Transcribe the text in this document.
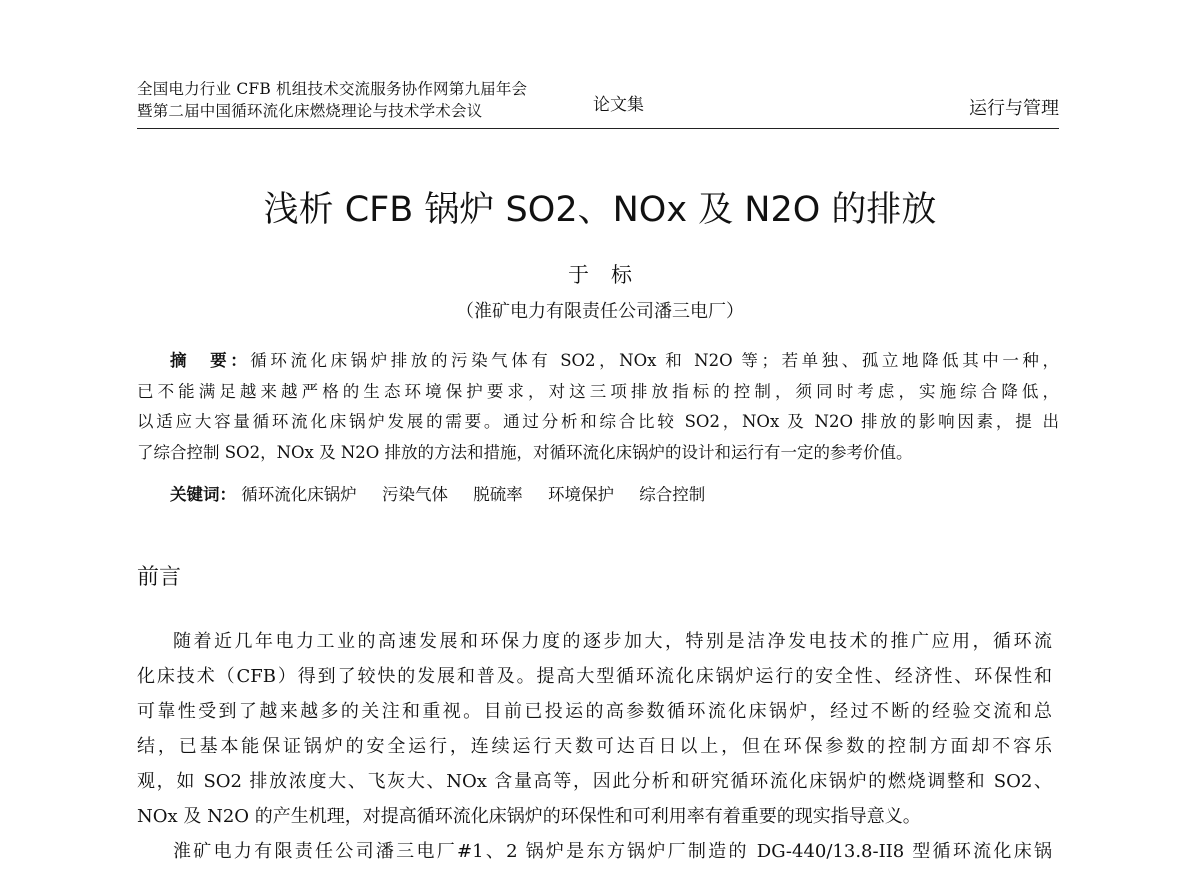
全国电力行业 CFB 机组技术交流服务协作网第九届年会
暨第二届中国循环流化床燃烧理论与技术学术会议	论文集	运行与管理
浅析 CFB 锅炉 SO2、NOx 及 N2O 的排放
于标
（淮矿电力有限责任公司潘三电厂）
摘　要：循环流化床锅炉排放的污染气体有 SO2，NOx 和 N2O 等；若单独、孤立地降低其中一种，
已不能满足越来越严格的生态环境保护要求，对这三项排放指标的控制，须同时考虑，实施综合降低，
以适应大容量循环流化床锅炉发展的需要。通过分析和综合比较 SO2，NOx 及 N2O 排放的影响因素，提 出
了综合控制 SO2，NOx 及 N2O 排放的方法和措施，对循环流化床锅炉的设计和运行有一定的参考价值。
关键词： 循环流化床锅炉 污染气体 脱硫率 环境保护 综合控制
前言
随着近几年电力工业的高速发展和环保力度的逐步加大，特别是洁净发电技术的推广应用，循环流
化床技术（CFB）得到了较快的发展和普及。提高大型循环流化床锅炉运行的安全性、经济性、环保性和
可靠性受到了越来越多的关注和重视。目前已投运的高参数循环流化床锅炉，经过不断的经验交流和总
结，已基本能保证锅炉的安全运行，连续运行天数可达百日以上，但在环保参数的控制方面却不容乐
观，如 SO2 排放浓度大、飞灰大、NOx 含量高等，因此分析和研究循环流化床锅炉的燃烧调整和 SO2、
NOx 及 N2O 的产生机理，对提高循环流化床锅炉的环保性和可利用率有着重要的现实指导意义。
淮矿电力有限责任公司潘三电厂#1、2 锅炉是东方锅炉厂制造的 DG-440/13.8-II8 型循环流化床锅
